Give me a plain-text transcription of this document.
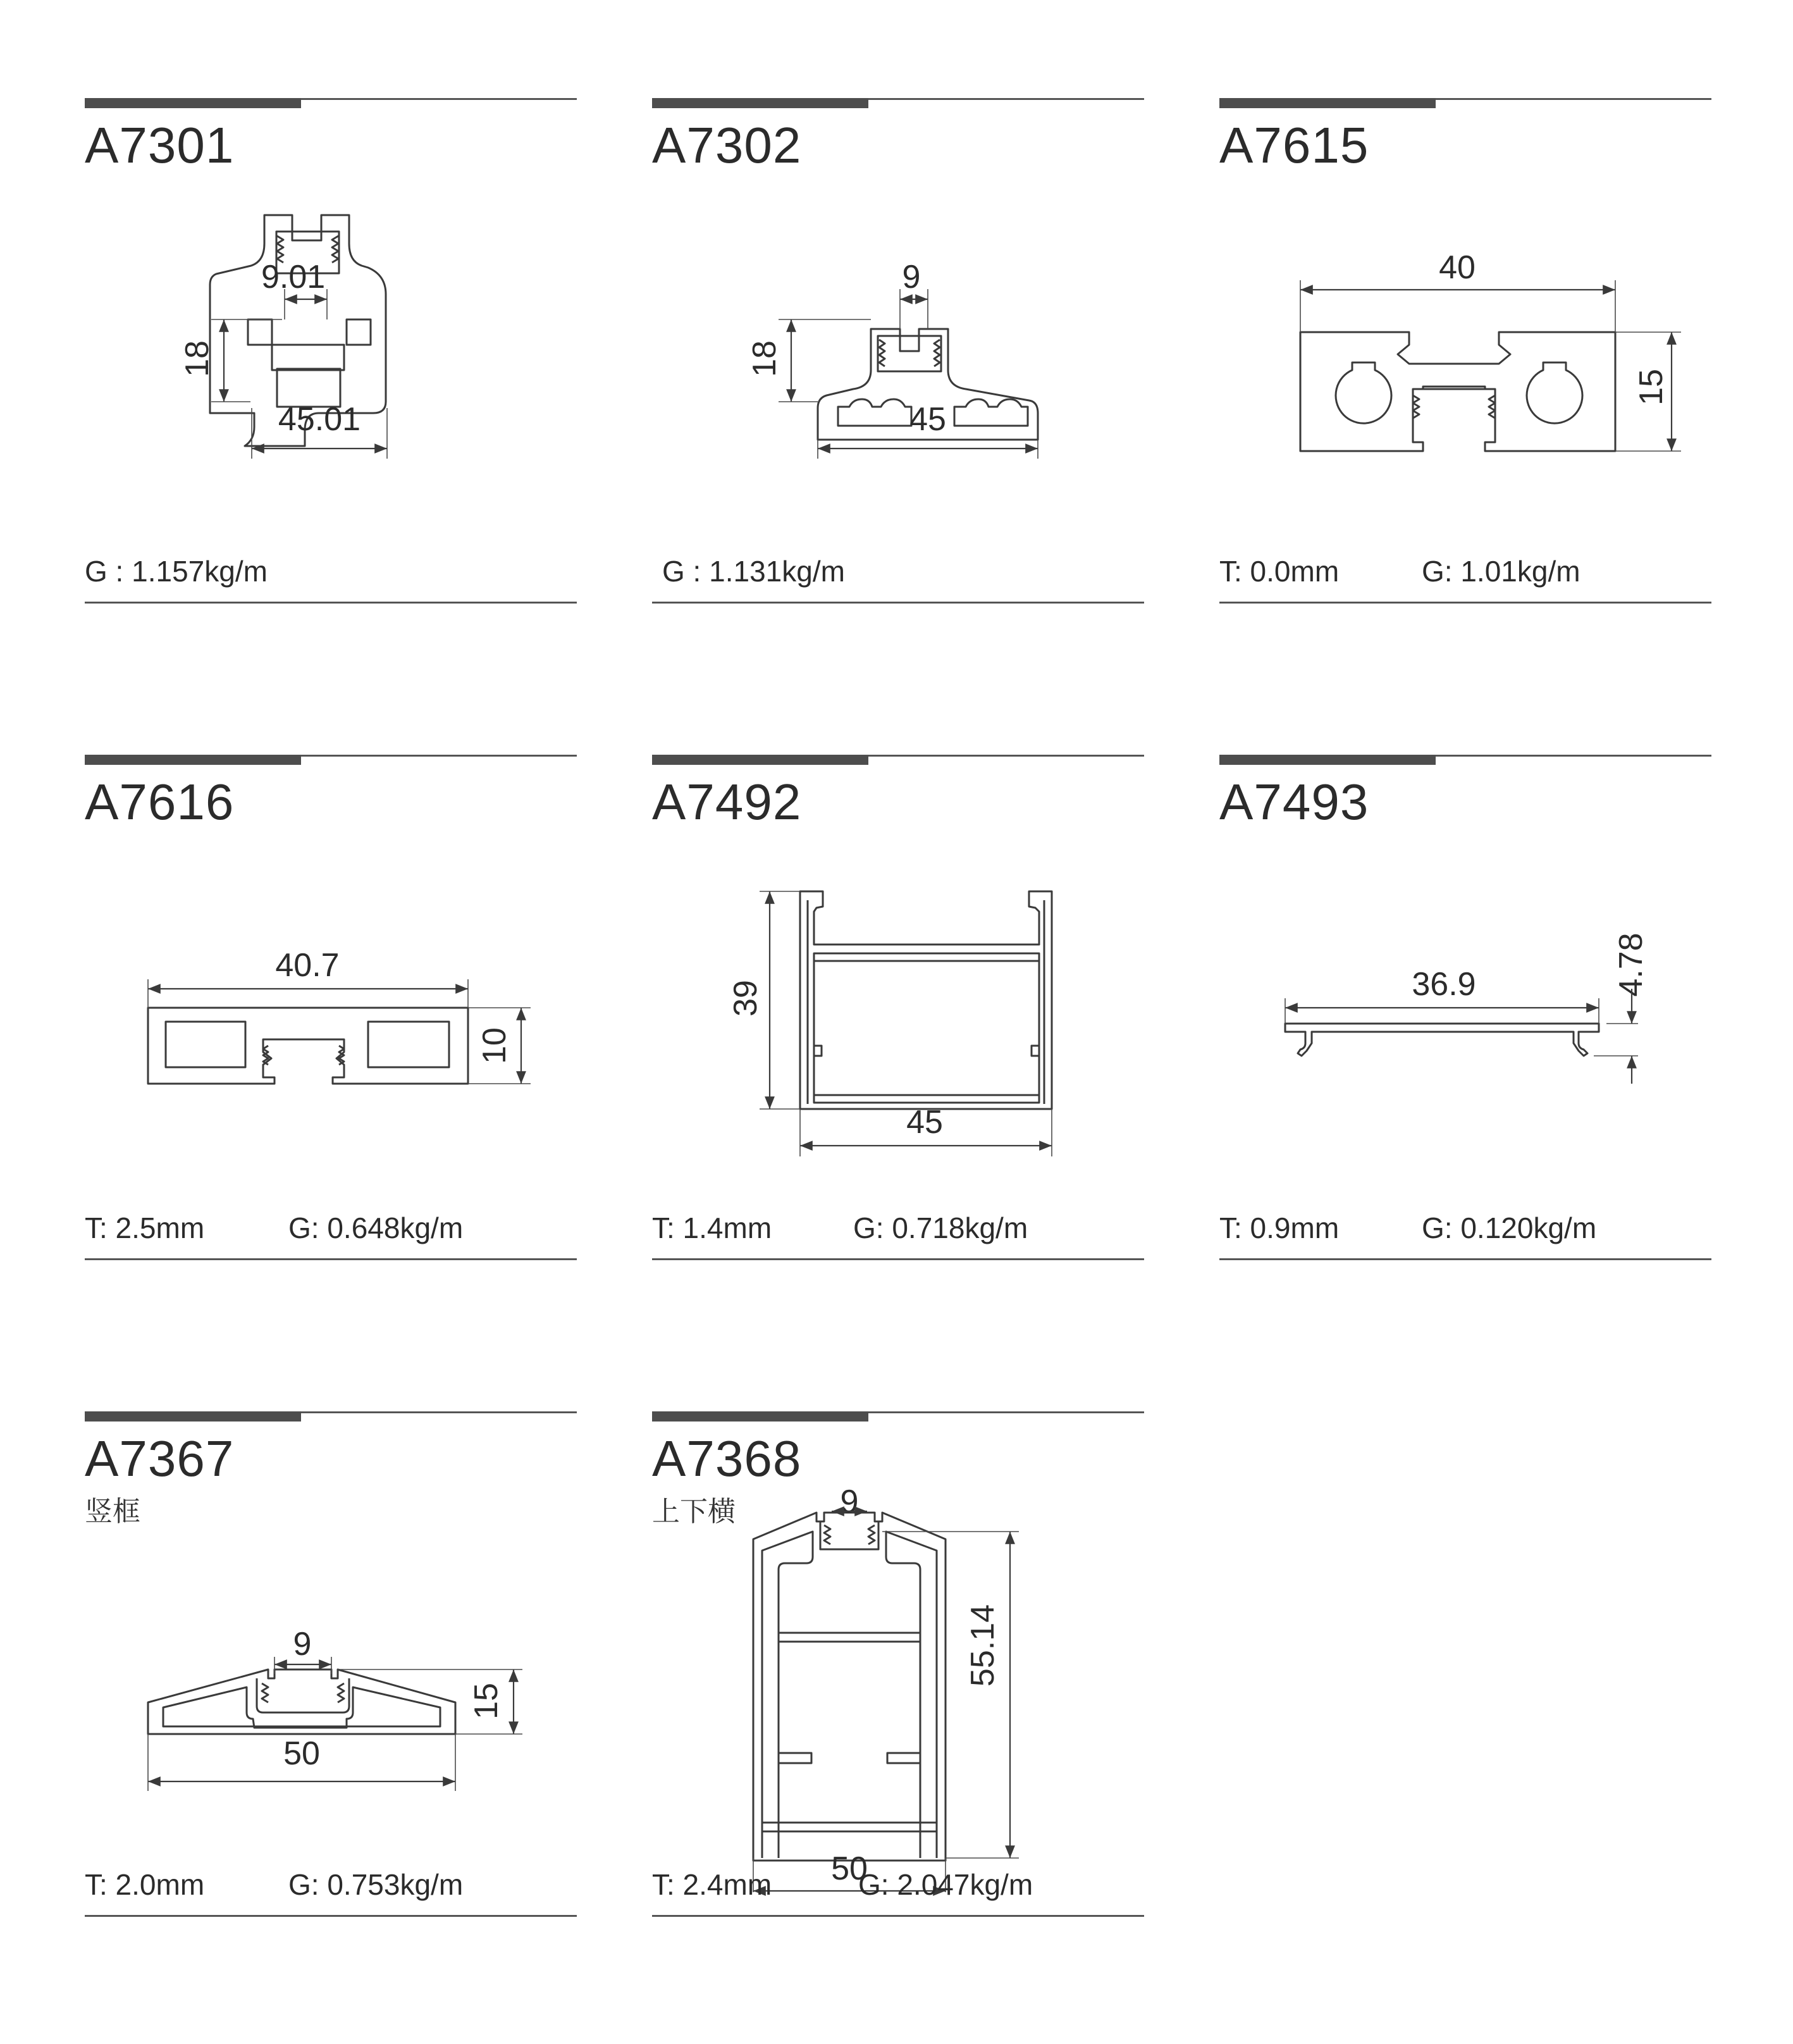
A7301
9.01
18
45.01
G : 1.157kg/m
A7302
9
18
45
G : 1.131kg/m
A7615
40
15
T: 0.0mm	G: 1.01kg/m
A7616
40.7
10
T: 2.5mm	G: 0.648kg/m
A7492
39
45
T: 1.4mm	G: 0.718kg/m
A7493
36.9	4.78
T: 0.9mm	G: 0.120kg/m
A7367
竖框
9
15
50
T: 2.0mm	G: 0.753kg/m
A7368
上下横	9
55.14
50
T: 2.4mm	G: 2.047kg/m
